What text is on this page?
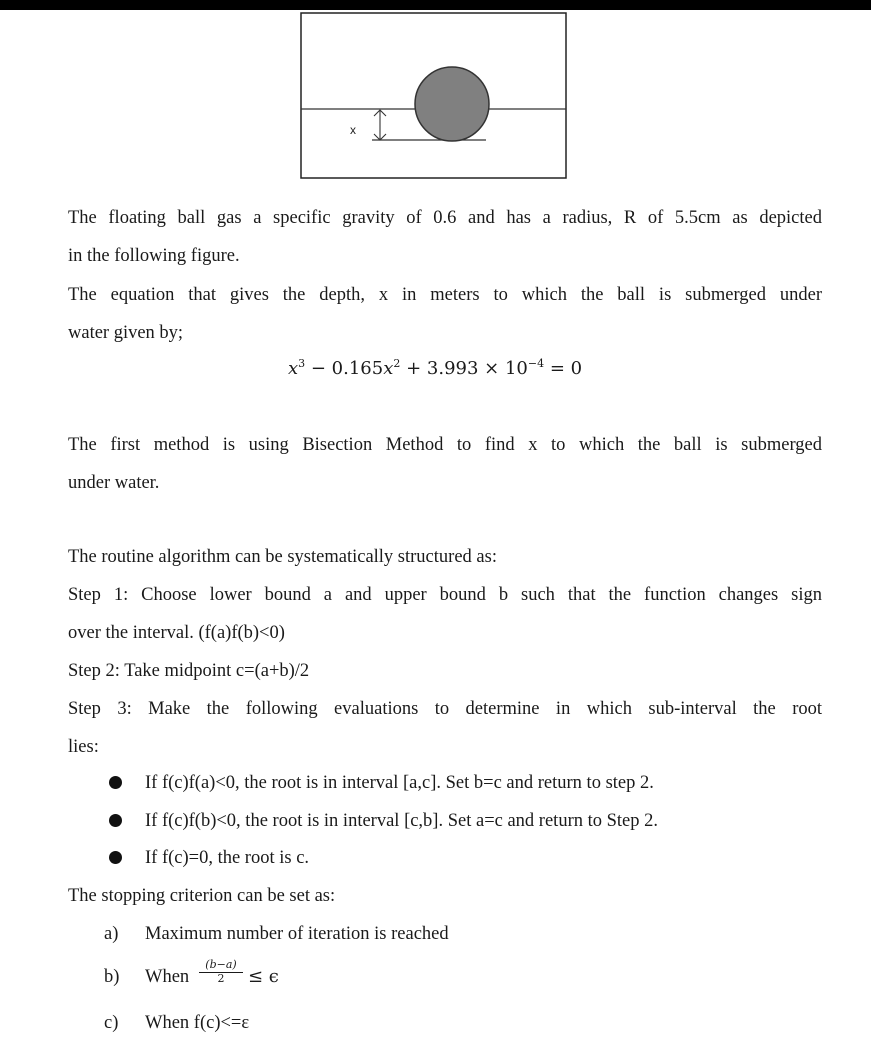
x
The floating ball gas a specific gravity of 0.6 and has a radius, R of 5.5cm as depicted
in the following figure.
The equation that gives the depth, x in meters to which the ball is submerged under
water given by;
$x^3 - 0.165x^2 + 3.993 \times 10^{-4} = 0$
The first method is using Bisection Method to find x to which the ball is submerged
under water.
The routine algorithm can be systematically structured as:
Step 1: Choose lower bound a and upper bound b such that the function changes sign
over the interval. (f(a)f(b)<0)
Step 2: Take midpoint c=(a+b)/2
Step 3: Make the following evaluations to determine in which sub-interval the root
lies:
If f(c)f(a)<0, the root is in interval [a,c]. Set b=c and return to step 2.
If f(c)f(b)<0, the root is in interval [c,b]. Set a=c and return to Step 2.
If f(c)=0, the root is c.
The stopping criterion can be set as:
a) Maximum number of iteration is reached
b) When $\frac{(b-a)}{2} \le \epsilon$
c) When f(c)<=ɛ
